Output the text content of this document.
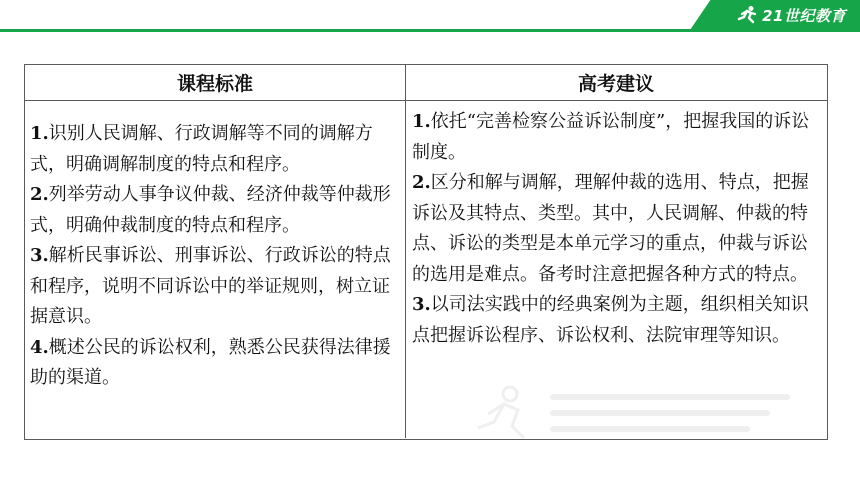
21世纪教育
课程标准	高考建议

1.识别人民调解、行政调解等不同的调解方式，明确调解制度的特点和程序。

2.列举劳动人事争议仲裁、经济仲裁等仲裁形式，明确仲裁制度的特点和程序。

3.解析民事诉讼、刑事诉讼、行政诉讼的特点和程序，说明不同诉讼中的举证规则，树立证据意识。

4.概述公民的诉讼权利，熟悉公民获得法律援助的渠道。

1.依托“完善检察公益诉讼制度”，把握我国的诉讼制度。

2.区分和解与调解，理解仲裁的选用、特点，把握诉讼及其特点、类型。其中，人民调解、仲裁的特点、诉讼的类型是本单元学习的重点，仲裁与诉讼的选用是难点。备考时注意把握各种方式的特点。

3.以司法实践中的经典案例为主题，组织相关知识点把握诉讼程序、诉讼权利、法院审理等知识。
